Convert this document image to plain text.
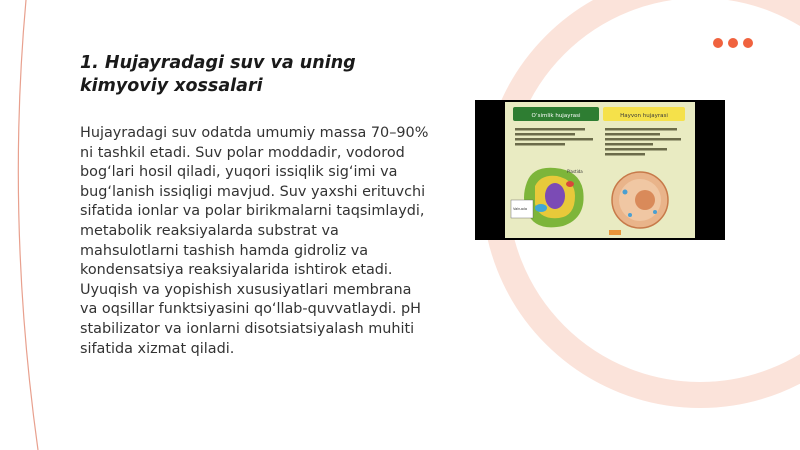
1. Hujayradagi suv va uning kimyoviy xossalari

Hujayradagi suv odatda umumiy massa 70–90% ni tashkil etadi. Suv polar moddadir, vodorod bog‘lari hosil qiladi, yuqori issiqlik sig‘imi va bug‘lanish issiqligi mavjud. Suv yaxshi erituvchi sifatida ionlar va polar birikmalarni taqsimlaydi, metabolik reaksiyalarda substrat va mahsulotlarni tashish hamda gidroliz va kondensatsiya reaksiyalarida ishtirok etadi. Uyuqish va yopishish xususiyatlari membrana va oqsillar funktsiyasini qo‘llab-quvvatlaydi. pH stabilizator va ionlarni disotsiatsiyalash muhiti sifatida xizmat qiladi.

O‘simlik hujayrasi	Hayvon hujayrasi
Plastida
Vakuola
